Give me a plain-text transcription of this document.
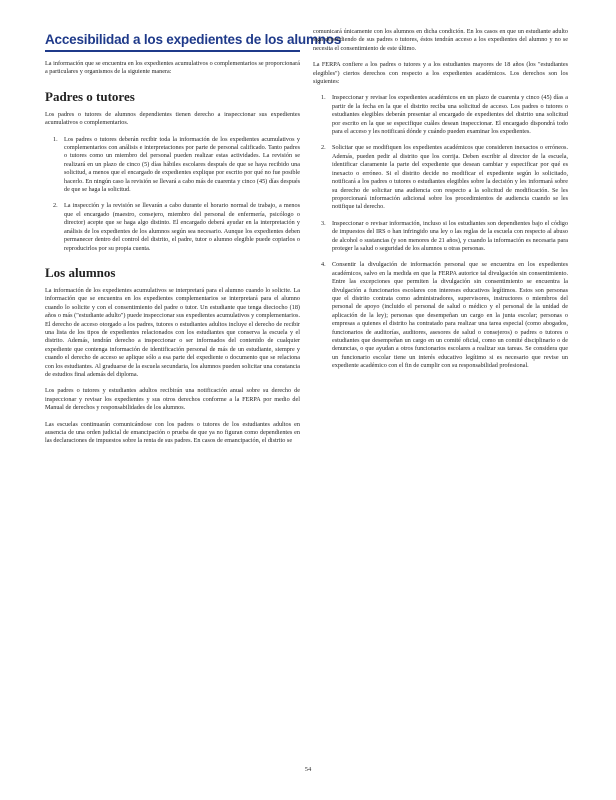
Accesibilidad a los expedientes de los alumnos

La información que se encuentra en los expedientes acumulativos o complementarios se proporcionará a particulares y organismos de la siguiente manera:

Padres o tutores

Los padres o tutores de alumnos dependientes tienen derecho a inspeccionar sus expedientes acumulativos o complementarios.

1. Los padres o tutores deberán recibir toda la información de los expedientes acumulativos y complementarios con análisis e interpretaciones por parte de personal calificado. Tanto padres o tutores como un miembro del personal pueden realizar estas actividades. La revisión se realizará en un plazo de cinco (5) días hábiles escolares después de que se haya recibido una solicitud, a menos que el encargado de expedientes explique por escrito por qué no fue posible hacerlo. En ningún caso la revisión se llevará a cabo más de cuarenta y cinco (45) días después de que se haga la solicitud.

2. La inspección y la revisión se llevarán a cabo durante el horario normal de trabajo, a menos que el encargado (maestro, consejero, miembro del personal de enfermería, psicólogo o director) acepte que se haga algo distinto. El encargado deberá ayudar en la interpretación y análisis de los expedientes de los alumnos según sea necesario. Aunque los expedientes deben permanecer dentro del control del distrito, el padre, tutor o alumno elegible puede copiarlos o reproducirlos por su propia cuenta.

Los alumnos

La información de los expedientes acumulativos se interpretará para el alumno cuando lo solicite. La información que se encuentra en los expedientes complementarios se interpretará para el alumno cuando lo solicite y con el consentimiento del padre o tutor. Un estudiante que tenga dieciocho (18) años o más ("estudiante adulto") puede inspeccionar sus expedientes acumulativos y complementarios. El derecho de acceso otorgado a los padres, tutores o estudiantes adultos incluye el derecho de recibir una lista de los tipos de expedientes relacionados con los estudiantes que conserva la escuela y el distrito. Además, tendrán derecho a inspeccionar o ser informados del contenido de cualquier expediente que contenga información de identificación personal de más de un estudiante, siempre y cuando el derecho de acceso se aplique sólo a esa parte del expediente o documento que se relaciona con los estudiantes. Al graduarse de la escuela secundaria, los alumnos pueden solicitar una constancia de estudios final además del diploma.

Los padres o tutores y estudiantes adultos recibirán una notificación anual sobre su derecho de inspeccionar y revisar los expedientes y sus otros derechos conforme a la FERPA por medio del Manual de derechos y responsabilidades de los alumnos.

Las escuelas continuarán comunicándose con los padres o tutores de los estudiantes adultos en ausencia de una orden judicial de emancipación o prueba de que ya no figuran como dependientes en las declaraciones de impuestos sobre la renta de sus padres. En casos de emancipación, el distrito se

comunicará únicamente con los alumnos en dicha condición. En los casos en que un estudiante adulto siga dependiendo de sus padres o tutores, éstos tendrán acceso a los expedientes del alumno y no se necesita el consentimiento de este último.

La FERPA confiere a los padres o tutores y a los estudiantes mayores de 18 años (los "estudiantes elegibles") ciertos derechos con respecto a los expedientes académicos. Los derechos son los siguientes:

1. Inspeccionar y revisar los expedientes académicos en un plazo de cuarenta y cinco (45) días a partir de la fecha en la que el distrito reciba una solicitud de acceso. Los padres o tutores o estudiantes elegibles deberán presentar al encargado de expedientes del distrito una solicitud por escrito en la que se especifique cuáles desean inspeccionar. El encargado dispondrá todo para el acceso y les notificará dónde y cuándo pueden examinar los expedientes.

2. Solicitar que se modifiquen los expedientes académicos que consideren inexactos o erróneos. Además, pueden pedir al distrito que los corrija. Deben escribir al director de la escuela, identificar claramente la parte del expediente que desean cambiar y especificar por qué es inexacto o erróneo. Si el distrito decide no modificar el expediente según lo solicitado, notificará a los padres o tutores o estudiantes elegibles sobre la decisión y les informará sobre su derecho de solicitar una audiencia con respecto a la solicitud de modificación. Se les proporcionará información adicional sobre los procedimientos de audiencia cuando se les notifique tal derecho.

3. Inspeccionar o revisar información, incluso si los estudiantes son dependientes bajo el código de impuestos del IRS o han infringido una ley o las reglas de la escuela con respecto al abuso de alcohol o sustancias (y son menores de 21 años), y cuando la información es necesaria para proteger la salud o seguridad de los alumnos u otras personas.

4. Consentir la divulgación de información personal que se encuentra en los expedientes académicos, salvo en la medida en que la FERPA autorice tal divulgación sin consentimiento. Entre las excepciones que permiten la divulgación sin consentimiento se encuentra la divulgación a funcionarios escolares con intereses educativos legítimos. Estos son personas que el distrito contrata como administradores, supervisores, instructores o miembros del personal de apoyo (incluido el personal de salud o médico y el personal de la unidad de aplicación de la ley); personas que desempeñan un cargo en la junta escolar; personas o empresas a quienes el distrito ha contratado para realizar una tarea especial (como abogados, funcionarios de auditorías, auditores, asesores de salud o consejeros) o padres o tutores o estudiantes que desempeñan un cargo en un comité oficial, como un comité disciplinario o de denuncias, o que ayudan a otros funcionarios escolares a realizar sus tareas. Se considera que un funcionario escolar tiene un interés educativo legítimo si es necesario que revise un expediente académico con el fin de cumplir con su responsabilidad profesional.

54
